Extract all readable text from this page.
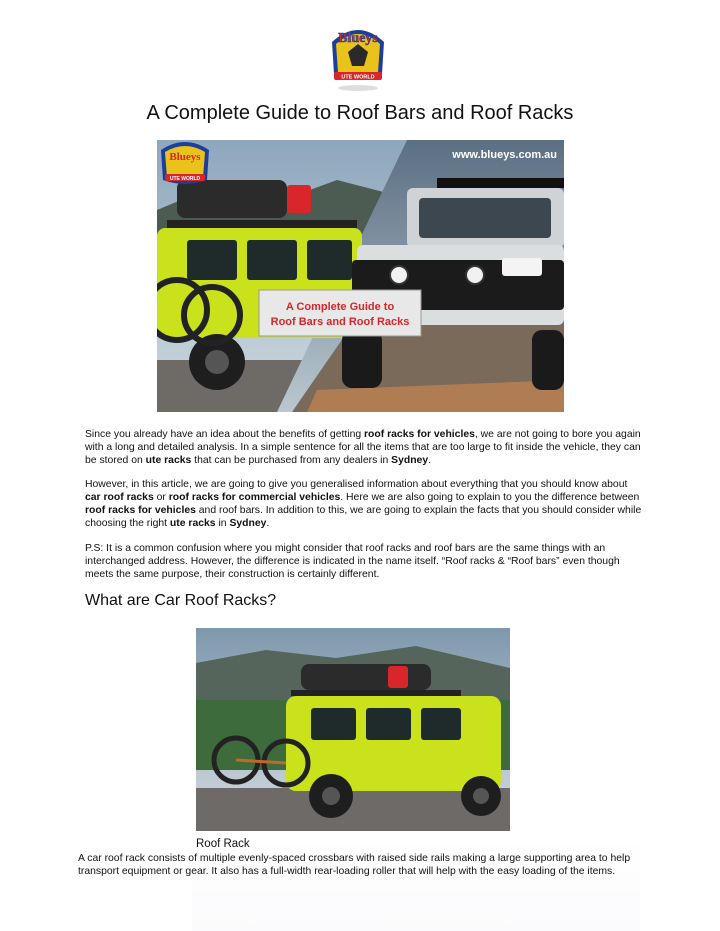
Blueys
UTE WORLD
A Complete Guide to Roof Bars and Roof Racks
Blueys
UTE WORLD
www.blueys.com.au
A Complete Guide to
Roof Bars and Roof Racks

Since you already have an idea about the benefits of getting roof racks for vehicles, we are not going to bore you again with a long and detailed analysis. In a simple sentence for all the items that are too large to fit inside the vehicle, they can be stored on ute racks that can be purchased from any dealers in Sydney.

However, in this article, we are going to give you generalised information about everything that you should know about car roof racks or roof racks for commercial vehicles. Here we are also going to explain to you the difference between roof racks for vehicles and roof bars. In addition to this, we are going to explain the facts that you should consider while choosing the right ute racks in Sydney.

P.S: It is a common confusion where you might consider that roof racks and roof bars are the same things with an interchanged address. However, the difference is indicated in the name itself. “Roof racks & “Roof bars” even though meets the same purpose, their construction is certainly different.

What are Car Roof Racks?
Roof Rack

A car roof rack consists of multiple evenly-spaced crossbars with raised side rails making a large supporting area to help transport equipment or gear. It also has a full-width rear-loading roller that will help with the easy loading of the items.
